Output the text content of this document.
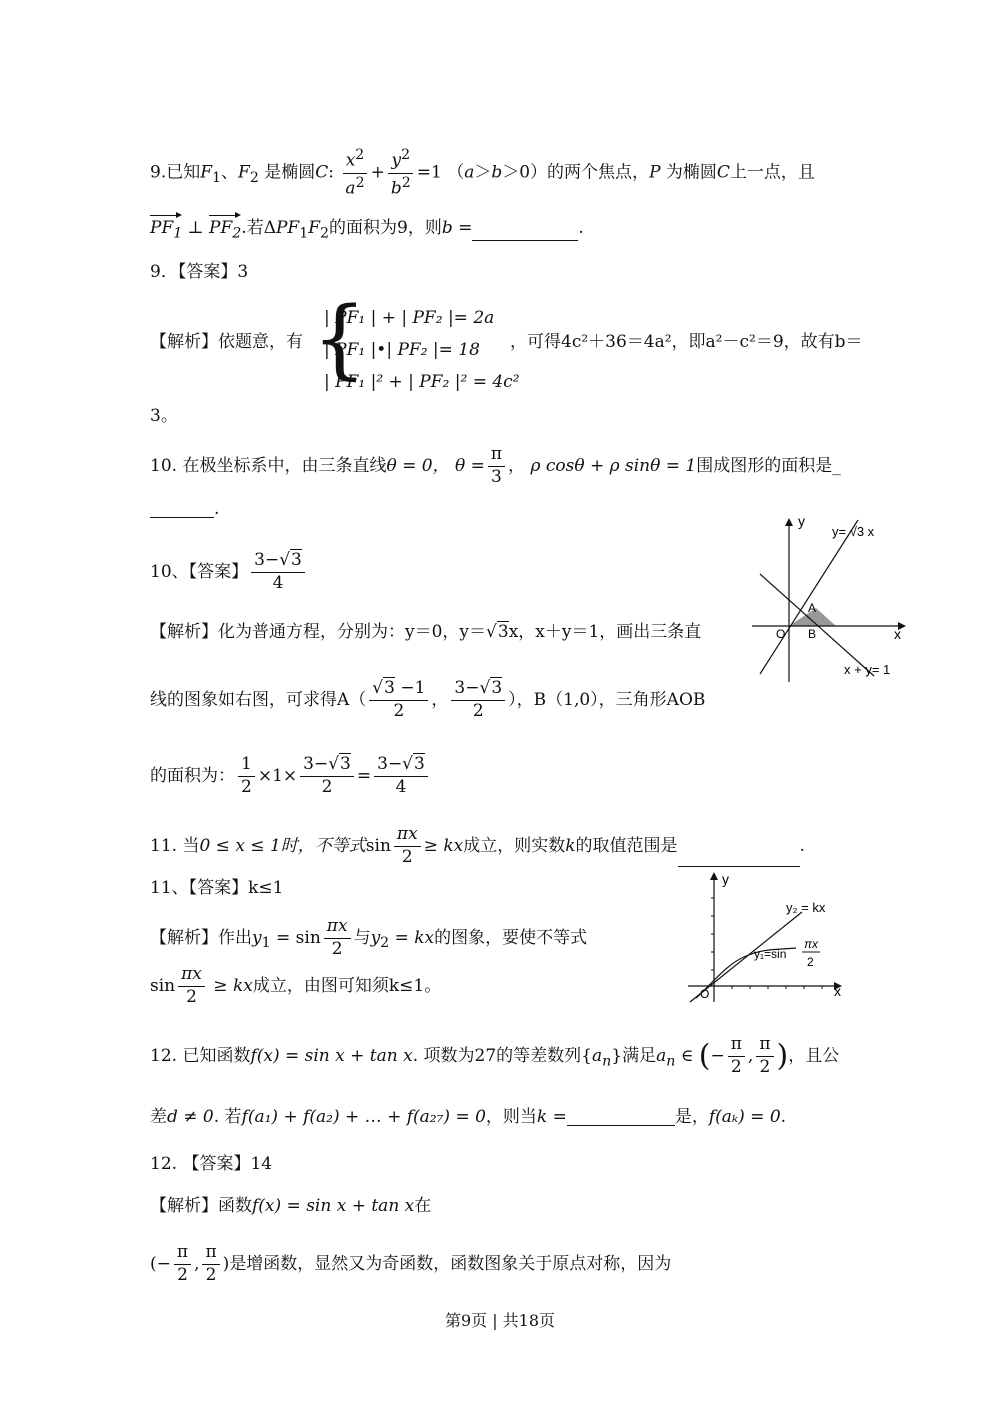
9.已知$F_1$、$F_2$ 是椭圆C: $\frac{x^2}{a^2} + \frac{y^2}{b^2} =1$ （a＞b＞0）的两个焦点，P 为椭圆C上一点，且
$PF_1$ ⊥ $PF_2$.若$\Delta PF_1F_2$的面积为9，则b =	.
9．【答案】3
【解析】依题意，有 {
| PF₁ | + | PF₂ |= 2a
| PF₁ |•| PF₂ |= 18
| PF₁ |² + | PF₂ |² = 4c²
，可得4c²＋36＝4a²，即a²－c²＝9，故有b＝
3。
10. 在极坐标系中，由三条直线θ = 0， $\theta = \frac{\pi}{3}$ ， ρ cosθ + ρ sinθ = 1围成图形的面积是_
.
10、【答案】 $\frac{3-√3}{4}$
【解析】化为普通方程，分别为：y＝0，y＝√3x，x＋y＝1，画出三条直
线的图象如右图，可求得$A( \frac{√3 -1}{2}$ ， $\frac{3-√3}{2}$ ），B（1,0），三角形AOB
的面积为： $\frac{1}{2} \times 1\times \frac{3-√3}{2} = \frac{3-√3}{4}$
11. 当0 ≤ x ≤ 1时，不等式$\sin \frac{\pi x}{2}$ ≥ kx成立，则实数k的取值范围是	.
11、【答案】k≤1
【解析】作出$y_1 = \sin \frac{\pi x}{2}$ 与$y_2$ = kx的图象，要使不等式
$\sin \frac{\pi x}{2}$ ≥ kx成立，由图可知须k≤1。
12. 已知函数f(x) = sin x + tan x. 项数为27的等差数列$\{a_n\}$满足$a_n$ ∈ (− $\frac{\pi}{2}$ , $\frac{\pi}{2}$ )，且公
差d ≠ 0. 若f(a₁) + f(a₂) + … + f(a₂₇) = 0，则当k =	是，f(aₖ) = 0.
12. 【答案】14
【解析】函数f(x) = sin x + tan x在
(− $\frac{\pi}{2}$ , $\frac{\pi}{2}$ )是增函数，显然又为奇函数，函数图象关于原点对称，因为
y
x
y= √3 x
x + y= 1
A
B
O
y
x
y₂ = kx
y₁=sin
πx
2
O
第9页 | 共18页
